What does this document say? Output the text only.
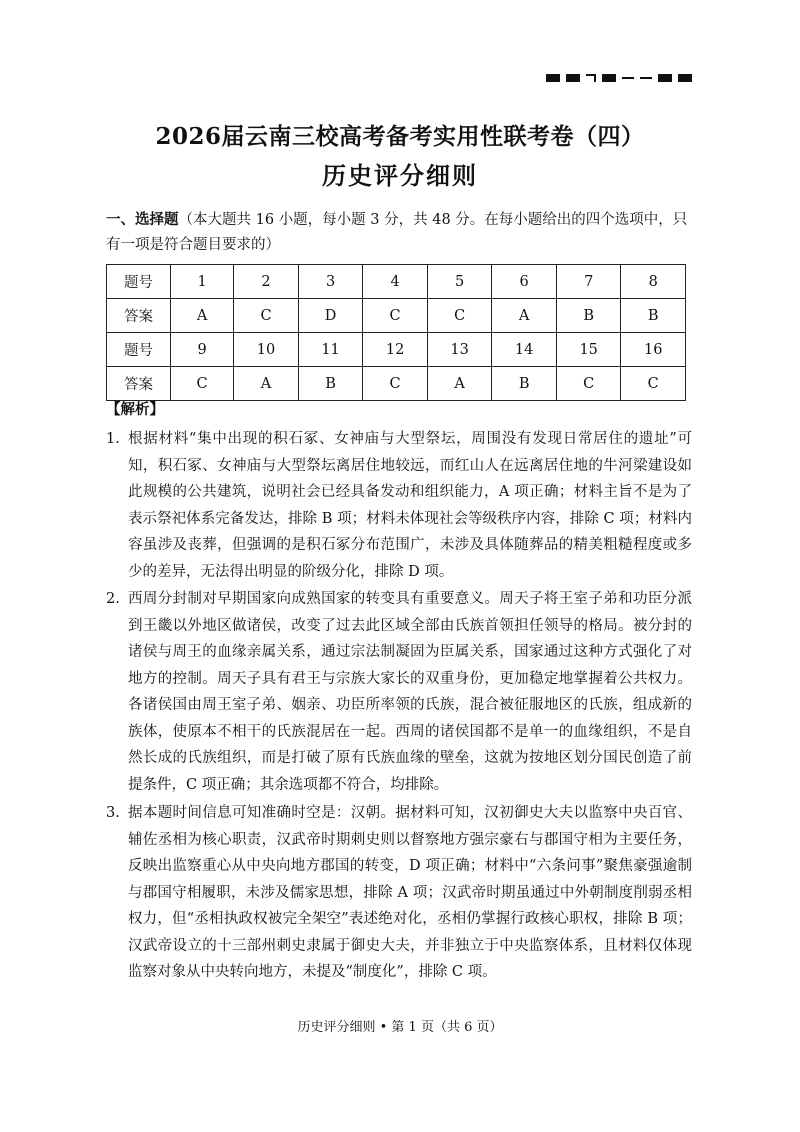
2026届云南三校高考备考实用性联考卷（四）
历史评分细则
一、选择题（本大题共 16 小题，每小题 3 分，共 48 分。在每小题给出的四个选项中，只有一项是符合题目要求的）
题号	1	2	3	4	5	6	7	8
答案	A	C	D	C	C	A	B	B
题号	9	10	11	12	13	14	15	16
答案	C	A	B	C	A	B	C	C
【解析】
1. 根据材料“集中出现的积石冢、女神庙与大型祭坛，周围没有发现日常居住的遗址”可知，积石冢、女神庙与大型祭坛离居住地较远，而红山人在远离居住地的牛河梁建设如此规模的公共建筑，说明社会已经具备发动和组织能力，A 项正确；材料主旨不是为了表示祭祀体系完备发达，排除 B 项；材料未体现社会等级秩序内容，排除 C 项；材料内容虽涉及丧葬，但强调的是积石冢分布范围广，未涉及具体随葬品的精美粗糙程度或多少的差异，无法得出明显的阶级分化，排除 D 项。
2. 西周分封制对早期国家向成熟国家的转变具有重要意义。周天子将王室子弟和功臣分派到王畿以外地区做诸侯，改变了过去此区域全部由氏族首领担任领导的格局。被分封的诸侯与周王的血缘亲属关系，通过宗法制凝固为臣属关系，国家通过这种方式强化了对地方的控制。周天子具有君王与宗族大家长的双重身份，更加稳定地掌握着公共权力。各诸侯国由周王室子弟、姻亲、功臣所率领的氏族，混合被征服地区的氏族，组成新的族体，使原本不相干的氏族混居在一起。西周的诸侯国都不是单一的血缘组织，不是自然长成的氏族组织，而是打破了原有氏族血缘的壁垒，这就为按地区划分国民创造了前提条件，C 项正确；其余选项都不符合，均排除。
3. 据本题时间信息可知准确时空是：汉朝。据材料可知，汉初御史大夫以监察中央百官、辅佐丞相为核心职责，汉武帝时期刺史则以督察地方强宗豪右与郡国守相为主要任务，反映出监察重心从中央向地方郡国的转变，D 项正确；材料中“六条问事”聚焦豪强逾制与郡国守相履职，未涉及儒家思想，排除 A 项；汉武帝时期虽通过中外朝制度削弱丞相权力，但“丞相执政权被完全架空”表述绝对化，丞相仍掌握行政核心职权，排除 B 项；汉武帝设立的十三部州刺史隶属于御史大夫，并非独立于中央监察体系，且材料仅体现监察对象从中央转向地方，未提及“制度化”，排除 C 项。
历史评分细则 • 第 1 页（共 6 页）
